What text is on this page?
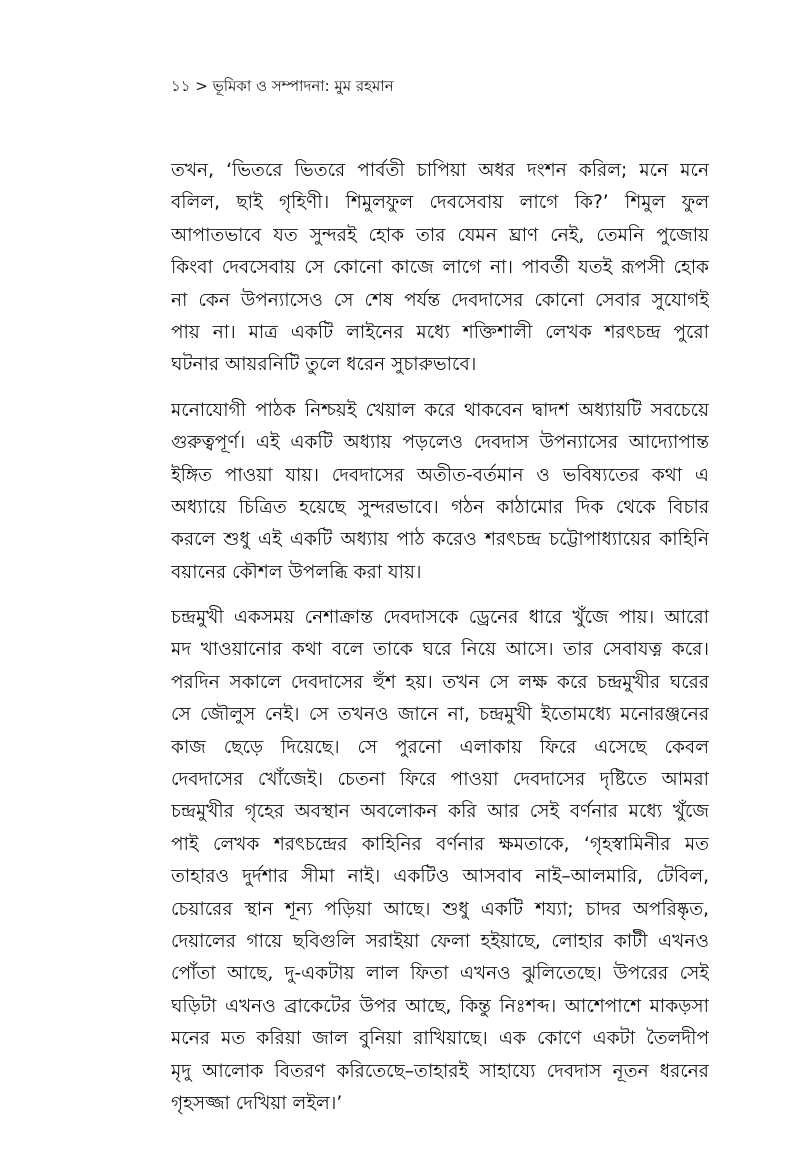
১১ > ভূমিকা ও সম্পাদনা: মুম রহমান
তখন, ‘ভিতরে ভিতরে পার্বতী চাপিয়া অধর দংশন করিল; মনে মনে
বলিল, ছাই গৃহিণী। শিমুলফুল দেবসেবায় লাগে কি?’ শিমুল ফুল
আপাতভাবে যত সুন্দরই হোক তার যেমন ঘ্রাণ নেই, তেমনি পুজোয়
কিংবা দেবসেবায় সে কোনো কাজে লাগে না। পাবর্তী যতই রূপসী হোক
না কেন উপন্যাসেও সে শেষ পর্যন্ত দেবদাসের কোনো সেবার সুযোগই
পায় না। মাত্র একটি লাইনের মধ্যে শক্তিশালী লেখক শরৎচন্দ্র পুরো
ঘটনার আয়রনিটি তুলে ধরেন সুচারুভাবে।
মনোযোগী পাঠক নিশ্চয়ই খেয়াল করে থাকবেন দ্বাদশ অধ্যায়টি সবচেয়ে
গুরুত্বপূর্ণ। এই একটি অধ্যায় পড়লেও দেবদাস উপন্যাসের আদ্যোপান্ত
ইঙ্গিত পাওয়া যায়। দেবদাসের অতীত-বর্তমান ও ভবিষ্যতের কথা এ
অধ্যায়ে চিত্রিত হয়েছে সুন্দরভাবে। গঠন কাঠামোর দিক থেকে বিচার
করলে শুধু এই একটি অধ্যায় পাঠ করেও শরৎচন্দ্র চট্টোপাধ্যায়ের কাহিনি
বয়ানের কৌশল উপলব্ধি করা যায়।
চন্দ্রমুখী একসময় নেশাক্রান্ত দেবদাসকে ড্রেনের ধারে খুঁজে পায়। আরো
মদ খাওয়ানোর কথা বলে তাকে ঘরে নিয়ে আসে। তার সেবাযত্ন করে।
পরদিন সকালে দেবদাসের হুঁশ হয়। তখন সে লক্ষ করে চন্দ্রমুখীর ঘরের
সে জৌলুস নেই। সে তখনও জানে না, চন্দ্রমুখী ইতোমধ্যে মনোরঞ্জনের
কাজ ছেড়ে দিয়েছে। সে পুরনো এলাকায় ফিরে এসেছে কেবল
দেবদাসের খোঁজেই। চেতনা ফিরে পাওয়া দেবদাসের দৃষ্টিতে আমরা
চন্দ্রমুখীর গৃহের অবস্থান অবলোকন করি আর সেই বর্ণনার মধ্যে খুঁজে
পাই লেখক শরৎচন্দ্রের কাহিনির বর্ণনার ক্ষমতাকে, ‘গৃহস্বামিনীর মত
তাহারও দুর্দশার সীমা নাই। একটিও আসবাব নাই–আলমারি, টেবিল,
চেয়ারের স্থান শূন্য পড়িয়া আছে। শুধু একটি শয্যা; চাদর অপরিষ্কৃত,
দেয়ালের গায়ে ছবিগুলি সরাইয়া ফেলা হইয়াছে, লোহার কাটী এখনও
পোঁতা আছে, দু-একটায় লাল ফিতা এখনও ঝুলিতেছে। উপরের সেই
ঘড়িটা এখনও ব্রাকেটের উপর আছে, কিন্তু নিঃশব্দ। আশেপাশে মাকড়সা
মনের মত করিয়া জাল বুনিয়া রাখিয়াছে। এক কোণে একটা তৈলদীপ
মৃদু আলোক বিতরণ করিতেছে–তাহারই সাহায্যে দেবদাস নূতন ধরনের
গৃহসজ্জা দেখিয়া লইল।’
